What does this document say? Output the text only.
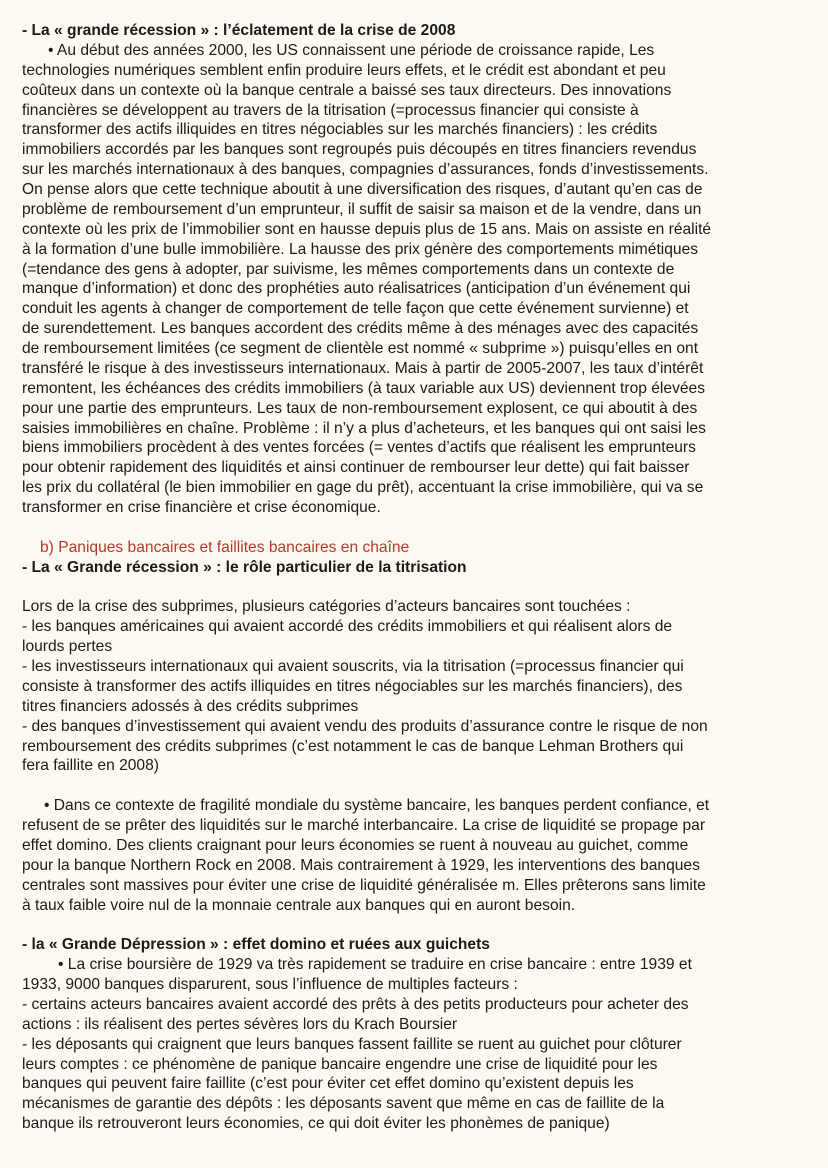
- La « grande récession » : l’éclatement de la crise de 2008
• Au début des années 2000, les US connaissent une période de croissance rapide, Les
technologies numériques semblent enfin produire leurs effets, et le crédit est abondant et peu
coûteux dans un contexte où la banque centrale a baissé ses taux directeurs. Des innovations
financières se développent au travers de la titrisation (=processus financier qui consiste à
transformer des actifs illiquides en titres négociables sur les marchés financiers) : les crédits
immobiliers accordés par les banques sont regroupés puis découpés en titres financiers revendus
sur les marchés internationaux à des banques, compagnies d’assurances, fonds d’investissements.
On pense alors que cette technique aboutit à une diversification des risques, d’autant qu’en cas de
problème de remboursement d’un emprunteur, il suffit de saisir sa maison et de la vendre, dans un
contexte où les prix de l’immobilier sont en hausse depuis plus de 15 ans. Mais on assiste en réalité
à la formation d’une bulle immobilière. La hausse des prix génère des comportements mimétiques
(=tendance des gens à adopter, par suivisme, les mêmes comportements dans un contexte de
manque d’information) et donc des prophéties auto réalisatrices (anticipation d’un événement qui
conduit les agents à changer de comportement de telle façon que cette événement survienne) et
de surendettement. Les banques accordent des crédits même à des ménages avec des capacités
de remboursement limitées (ce segment de clientèle est nommé « subprime ») puisqu’elles en ont
transféré le risque à des investisseurs internationaux. Mais à partir de 2005-2007, les taux d’intérêt
remontent, les échéances des crédits immobiliers (à taux variable aux US) deviennent trop élevées
pour une partie des emprunteurs. Les taux de non-remboursement explosent, ce qui aboutit à des
saisies immobilières en chaîne. Problème : il n’y a plus d’acheteurs, et les banques qui ont saisi les
biens immobiliers procèdent à des ventes forcées (= ventes d’actifs que réalisent les emprunteurs
pour obtenir rapidement des liquidités et ainsi continuer de rembourser leur dette) qui fait baisser
les prix du collatéral (le bien immobilier en gage du prêt), accentuant la crise immobilière, qui va se
transformer en crise financière et crise économique.
b) Paniques bancaires et faillites bancaires en chaîne
- La « Grande récession » : le rôle particulier de la titrisation
Lors de la crise des subprimes, plusieurs catégories d’acteurs bancaires sont touchées :
- les banques américaines qui avaient accordé des crédits immobiliers et qui réalisent alors de
lourds pertes
- les investisseurs internationaux qui avaient souscrits, via la titrisation (=processus financier qui
consiste à transformer des actifs illiquides en titres négociables sur les marchés financiers), des
titres financiers adossés à des crédits subprimes
- des banques d’investissement qui avaient vendu des produits d’assurance contre le risque de non
remboursement des crédits subprimes (c’est notamment le cas de banque Lehman Brothers qui
fera faillite en 2008)
• Dans ce contexte de fragilité mondiale du système bancaire, les banques perdent confiance, et
refusent de se prêter des liquidités sur le marché interbancaire. La crise de liquidité se propage par
effet domino. Des clients craignant pour leurs économies se ruent à nouveau au guichet, comme
pour la banque Northern Rock en 2008. Mais contrairement à 1929, les interventions des banques
centrales sont massives pour éviter une crise de liquidité généralisée m. Elles prêterons sans limite
à taux faible voire nul de la monnaie centrale aux banques qui en auront besoin.
- la « Grande Dépression » : effet domino et ruées aux guichets
• La crise boursière de 1929 va très rapidement se traduire en crise bancaire : entre 1939 et
1933, 9000 banques disparurent, sous l’influence de multiples facteurs :
- certains acteurs bancaires avaient accordé des prêts à des petits producteurs pour acheter des
actions : ils réalisent des pertes sévères lors du Krach Boursier
- les déposants qui craignent que leurs banques fassent faillite se ruent au guichet pour clôturer
leurs comptes : ce phénomène de panique bancaire engendre une crise de liquidité pour les
banques qui peuvent faire faillite (c’est pour éviter cet effet domino qu’existent depuis les
mécanismes de garantie des dépôts : les déposants savent que même en cas de faillite de la
banque ils retrouveront leurs économies, ce qui doit éviter les phonèmes de panique)
